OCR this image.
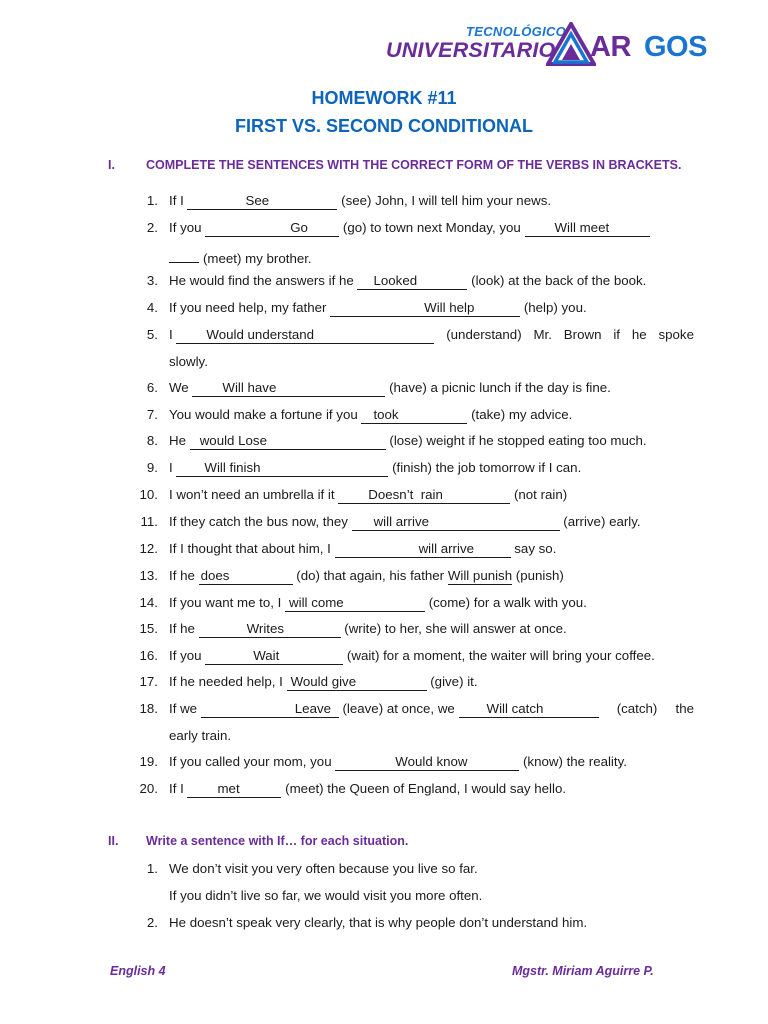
TECNOLÓGICO
UNIVERSITARIO AR GOS
HOMEWORK #11
FIRST VS. SECOND CONDITIONAL
I. COMPLETE THE SENTENCES WITH THE CORRECT FORM OF THE VERBS IN BRACKETS.
1. If I	See	(see) John, I will tell him your news.
2. If you	Go (go) to town next Monday, you Will meet
(meet) my brother.
3. He would find the answers if he Looked	(look) at the back of the book.
4. If you need help, my father	Will help	(help) you.
5. I Would understand	(understand) Mr. Brown if he spoke
slowly.
6. We Will have	(have) a picnic lunch if the day is fine.
7. You would make a fortune if you took	(take) my advice.
8. He would Lose	(lose) weight if he stopped eating too much.
9. I Will finish	(finish) the job tomorrow if I can.
10. I won’t need an umbrella if it Doesn’t  rain	(not rain)
11. If they catch the bus now, they will arrive	(arrive) early.
12. If I thought that about him, I	will arrive	say so.
13. If he does	(do) that again, his father Will punish (punish)
14. If you want me to, I will come	(come) for a walk with you.
15. If he	Writes	(write) to her, she will answer at once.
16. If you	Wait	(wait) for a moment, the waiter will bring your coffee.
17. If he needed help, I Would give	(give) it.
18. If we	Leave (leave) at once, we Will catch	(catch) the
early train.
19. If you called your mom, you	Would know	(know) the reality.
20. If I met	(meet) the Queen of England, I would say hello.
1. We don’t visit you very often because you live so far.
If you didn’t live so far, we would visit you more often.
2. He doesn’t speak very clearly, that is why people don’t understand him.
II. Write a sentence with If… for each situation.
English 4	Mgstr. Miriam Aguirre P.
